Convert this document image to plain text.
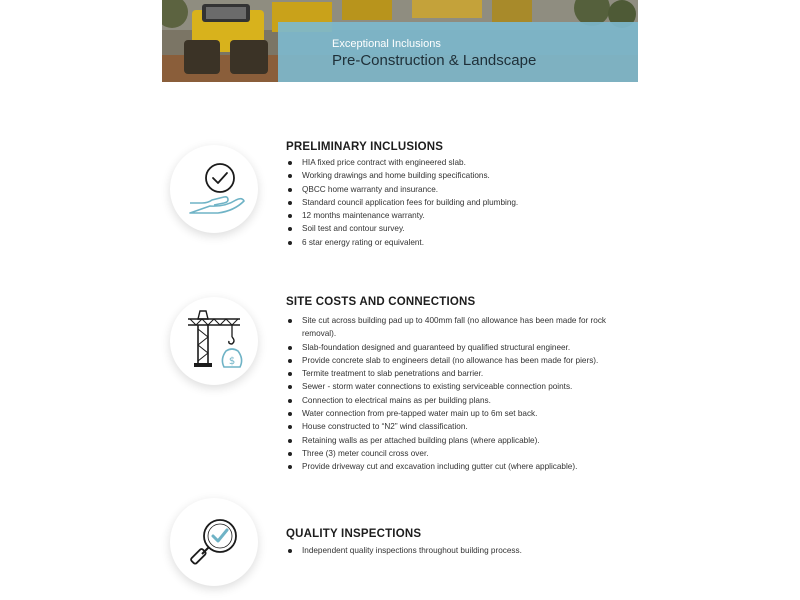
Exceptional Inclusions
Pre-Construction & Landscape
PRELIMINARY INCLUSIONS
HIA fixed price contract with engineered slab.
Working drawings and home building specifications.
QBCC home warranty and insurance.
Standard council application fees for building and plumbing.
12 months maintenance warranty.
Soil test and contour survey.
6 star energy rating or equivalent.
$
SITE COSTS AND CONNECTIONS
Site cut across building pad up to 400mm fall (no allowance has been made for rock removal).
Slab-foundation designed and guaranteed by qualified structural engineer.
Provide concrete slab to engineers detail (no allowance has been made for piers).
Termite treatment to slab penetrations and barrier.
Sewer - storm water connections to existing serviceable connection points.
Connection to electrical mains as per building plans.
Water connection from pre-tapped water main up to 6m set back.
House constructed to “N2” wind classification.
Retaining walls as per attached building plans (where applicable).
Three (3) meter council cross over.
Provide driveway cut and excavation including gutter cut (where applicable).
QUALITY INSPECTIONS
Independent quality inspections throughout building process.
